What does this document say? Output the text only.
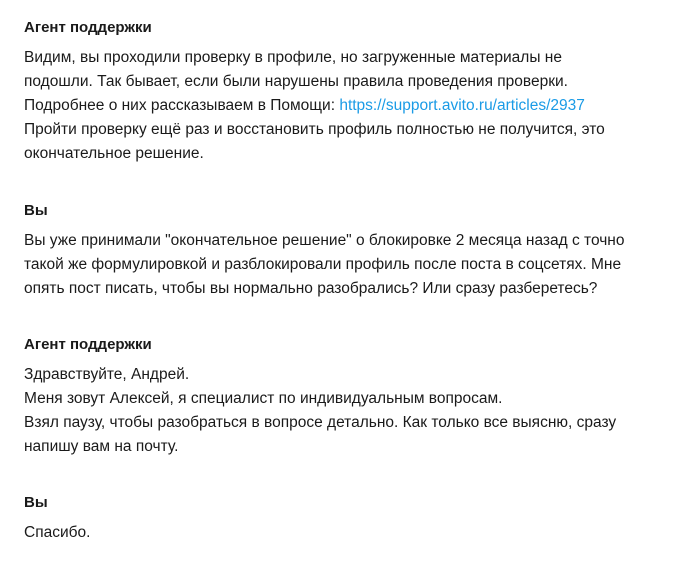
Агент поддержки

Видим, вы проходили проверку в профиле, но загруженные материалы не
подошли. Так бывает, если были нарушены правила проведения проверки.
Подробнее о них рассказываем в Помощи: https://support.avito.ru/articles/2937
Пройти проверку ещё раз и восстановить профиль полностью не получится, это
окончательное решение.

Вы

Вы уже принимали "окончательное решение" о блокировке 2 месяца назад с точно
такой же формулировкой и разблокировали профиль после поста в соцсетях. Мне
опять пост писать, чтобы вы нормально разобрались? Или сразу разберетесь?

Агент поддержки

Здравствуйте, Андрей.
Меня зовут Алексей, я специалист по индивидуальным вопросам.
Взял паузу, чтобы разобраться в вопросе детально. Как только все выясню, сразу
напишу вам на почту.

Вы

Спасибо.
